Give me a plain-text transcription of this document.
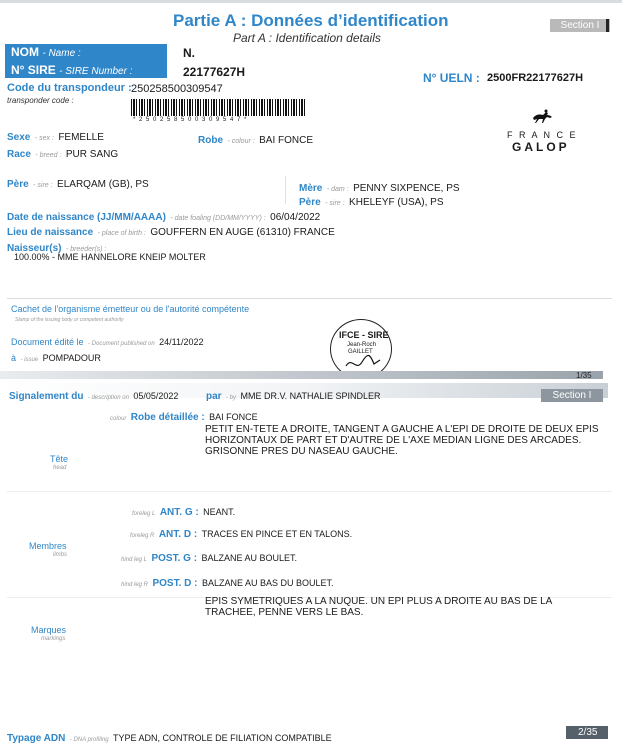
Partie A : Données d’identification
Part A : Identification details
Section I
NOM - Name :
N° SIRE - SIRE Number :
N.
22177627H	N° UELN : 2500FR22177627H
Code du transpondeur : 250258500309547
transponder code :
* 2 5 0 2 5 8 5 0 0 3 0 9 5 4 7 *
Sexe - sex : FEMELLE	Robe - colour : BAI FONCE
Race - breed : PUR SANG
F R A N C E
GALOP
Père - sire : ELARQAM (GB), PS	Mère - dam : PENNY SIXPENCE, PS
Père - sire : KHELEYF (USA), PS
Date de naissance (JJ/MM/AAAA) - date foaling (DD/MM/YYYY) : 06/04/2022
Lieu de naissance - place of birth : GOUFFERN EN AUGE (61310) FRANCE
Naisseur(s) - breeder(s) :
100.00% - MME HANNELORE KNEIP MOLTER
Cachet de l'organisme émetteur ou de l'autorité compétente
Stamp of the issuing body or competent authority
Document édité le - Document published on 24/11/2022
à - issue POMPADOUR
IFCE - SIRE
Jean-Roch
GAILLET
1/35
Signalement du - description on 05/05/2022	par - by MME DR.V. NATHALIE SPINDLER	Section I
colour Robe détaillée : BAI FONCE
PETIT EN-TETE A DROITE, TANGENT A GAUCHE A L'EPI DE DROITE DE DEUX EPIS HORIZONTAUX DE PART ET D'AUTRE DE L'AXE MEDIAN LIGNE DES ARCADES. GRISONNE PRES DU NASEAU GAUCHE.
Tête
head
foreleg L ANT. G : NEANT.
foreleg R ANT. D : TRACES EN PINCE ET EN TALONS.
Membres
limbs
hind leg L POST. G : BALZANE AU BOULET.
hind leg R POST. D : BALZANE AU BAS DU BOULET.
EPIS SYMETRIQUES A LA NUQUE. UN EPI PLUS A DROITE AU BAS DE LA TRACHEE, PENNE VERS LE BAS.
Marques
markings
Typage ADN - DNA profiling TYPE ADN, CONTROLE DE FILIATION COMPATIBLE	2/35
